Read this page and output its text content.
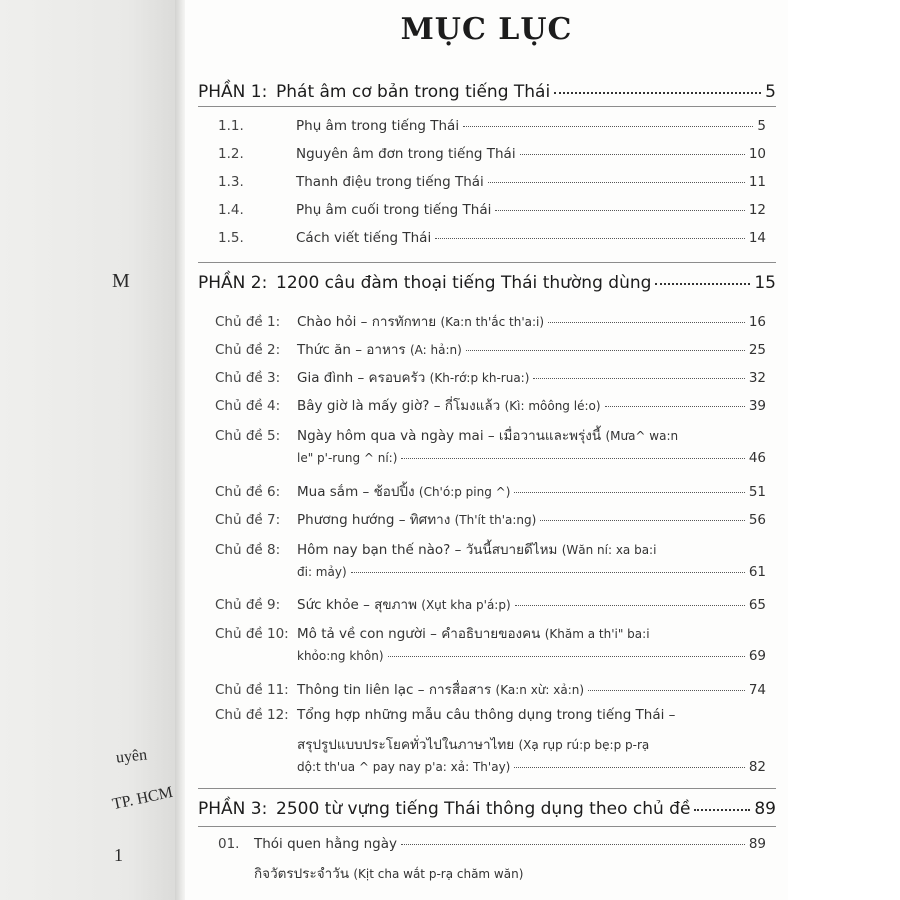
M
uyên
TP. HCM
1
MỤC LỤC
PHẦN 1: Phát âm cơ bản trong tiếng Thái	5
1.1.	Phụ âm trong tiếng Thái	5
1.2.	Nguyên âm đơn trong tiếng Thái	10
1.3.	Thanh điệu trong tiếng Thái	11
1.4.	Phụ âm cuối trong tiếng Thái	12
1.5.	Cách viết tiếng Thái	14
PHẦN 2: 1200 câu đàm thoại tiếng Thái thường dùng	15
Chủ đề 1:	Chào hỏi –
การทักทาย
(Ka:n th'ắc th'a:i)	16
Chủ đề 2:	Thức ăn –
อาหาร
(A: hả:n)	25
Chủ đề 3:	Gia đình –
ครอบครัว
(Kh-rớ:p kh-rua:)	32
Chủ đề 4:	Bây giờ là mấy giờ? –
กี่โมงแล้ว
(Kì: môông lé:o)	39
Chủ đề 5:	Ngày hôm qua và ngày mai –
เมื่อวานและพรุ่งนี้
(Mưa^ wa:n
le" p'-rung ^ ní:)	46
Chủ đề 6:	Mua sắm –
ช้อปปิ้ง
(Ch'ó:p ping ^)	51
Chủ đề 7:	Phương hướng –
ทิศทาง
(Th'ít th'a:ng)	56
Chủ đề 8:	Hôm nay bạn thế nào? –
วันนี้สบายดีไหม
(Wăn ní: xa ba:i
đi: mảy)	61
Chủ đề 9:	Sức khỏe –
สุขภาพ
(Xụt kha p'á:p)	65
Chủ đề 10: Mô tả về con người –
คำอธิบายของคน
(Khăm a th'i" ba:i
khỏo:ng khôn)	69
Chủ đề 11: Thông tin liên lạc –
การสื่อสาร
(Ka:n xừ: xả:n)	74
Chủ đề 12: Tổng hợp những mẫu câu thông dụng trong tiếng Thái –
สรุปรูปแบบประโยคทั่วไปในภาษาไทย
(Xạ rụp rú:p bẹ:p p-rạ
dộ:t th'ua ^ pay nay p'a: xả: Th'ay)	82
PHẦN 3: 2500 từ vựng tiếng Thái thông dụng theo chủ đề	89
01.	Thói quen hằng ngày	89
กิจวัตรประจำวัน
(Kịt cha wắt p-rạ chăm wăn)
